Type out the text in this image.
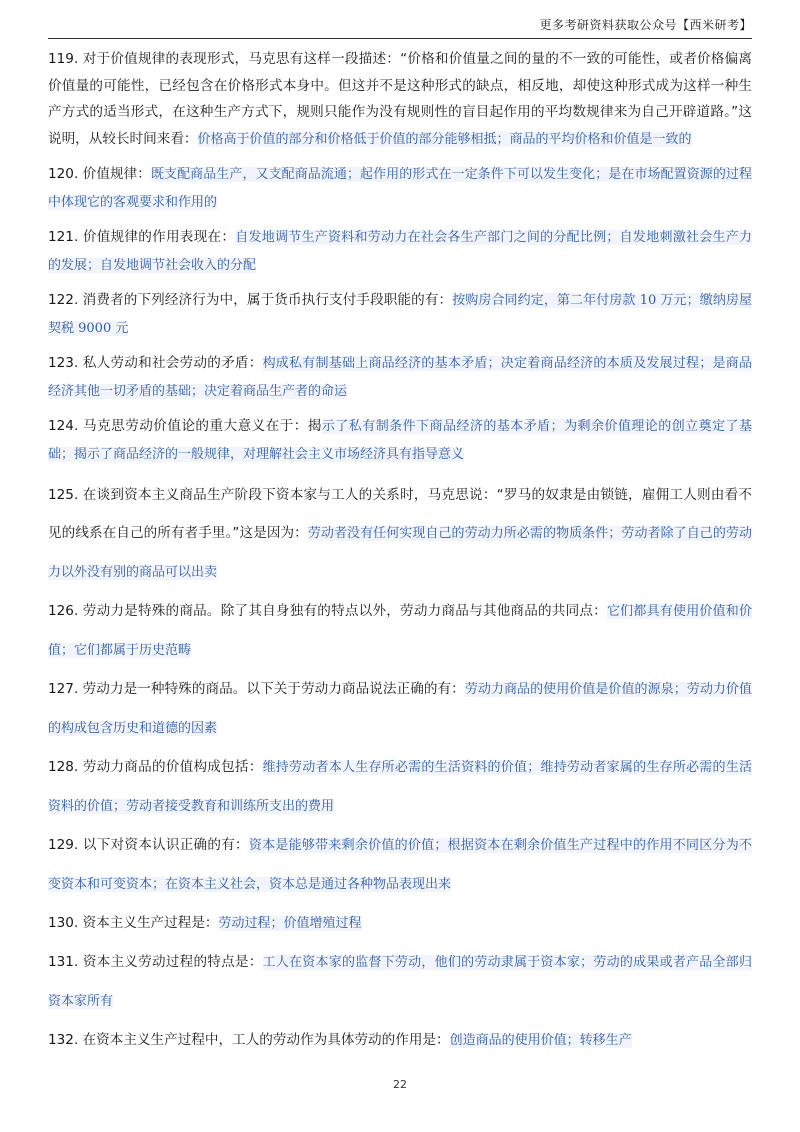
更多考研资料获取公众号【西米研考】

119. 对于价值规律的表现形式，马克思有这样一段描述：“价格和价值量之间的量的不一致的可能性，或者价格偏离价值量的可能性，已经包含在价格形式本身中。但这并不是这种形式的缺点，相反地，却使这种形式成为这样一种生产方式的适当形式，在这种生产方式下，规则只能作为没有规则性的盲目起作用的平均数规律来为自己开辟道路。”这说明，从较长时间来看：价格高于价值的部分和价格低于价值的部分能够相抵；商品的平均价格和价值是一致的

120. 价值规律：既支配商品生产，又支配商品流通；起作用的形式在一定条件下可以发生变化；是在市场配置资源的过程中体现它的客观要求和作用的

121. 价值规律的作用表现在：自发地调节生产资料和劳动力在社会各生产部门之间的分配比例；自发地刺激社会生产力的发展；自发地调节社会收入的分配

122. 消费者的下列经济行为中，属于货币执行支付手段职能的有：按购房合同约定，第二年付房款 10 万元；缴纳房屋契税 9000 元

123. 私人劳动和社会劳动的矛盾：构成私有制基础上商品经济的基本矛盾；决定着商品经济的本质及发展过程；是商品经济其他一切矛盾的基础；决定着商品生产者的命运

124. 马克思劳动价值论的重大意义在于：揭示了私有制条件下商品经济的基本矛盾；为剩余价值理论的创立奠定了基础；揭示了商品经济的一般规律，对理解社会主义市场经济具有指导意义

125. 在谈到资本主义商品生产阶段下资本家与工人的关系时，马克思说：“罗马的奴隶是由锁链，雇佣工人则由看不见的线系在自己的所有者手里。”这是因为：劳动者没有任何实现自己的劳动力所必需的物质条件；劳动者除了自己的劳动力以外没有别的商品可以出卖

126. 劳动力是特殊的商品。除了其自身独有的特点以外，劳动力商品与其他商品的共同点：它们都具有使用价值和价值；它们都属于历史范畴

127. 劳动力是一种特殊的商品。以下关于劳动力商品说法正确的有：劳动力商品的使用价值是价值的源泉；劳动力价值的构成包含历史和道德的因素

128. 劳动力商品的价值构成包括：维持劳动者本人生存所必需的生活资料的价值；维持劳动者家属的生存所必需的生活资料的价值；劳动者接受教育和训练所支出的费用

129. 以下对资本认识正确的有：资本是能够带来剩余价值的价值；根据资本在剩余价值生产过程中的作用不同区分为不变资本和可变资本；在资本主义社会，资本总是通过各种物品表现出来

130. 资本主义生产过程是：劳动过程；价值增殖过程

131. 资本主义劳动过程的特点是：工人在资本家的监督下劳动，他们的劳动隶属于资本家；劳动的成果或者产品全部归资本家所有

132. 在资本主义生产过程中，工人的劳动作为具体劳动的作用是：创造商品的使用价值；转移生产

22
